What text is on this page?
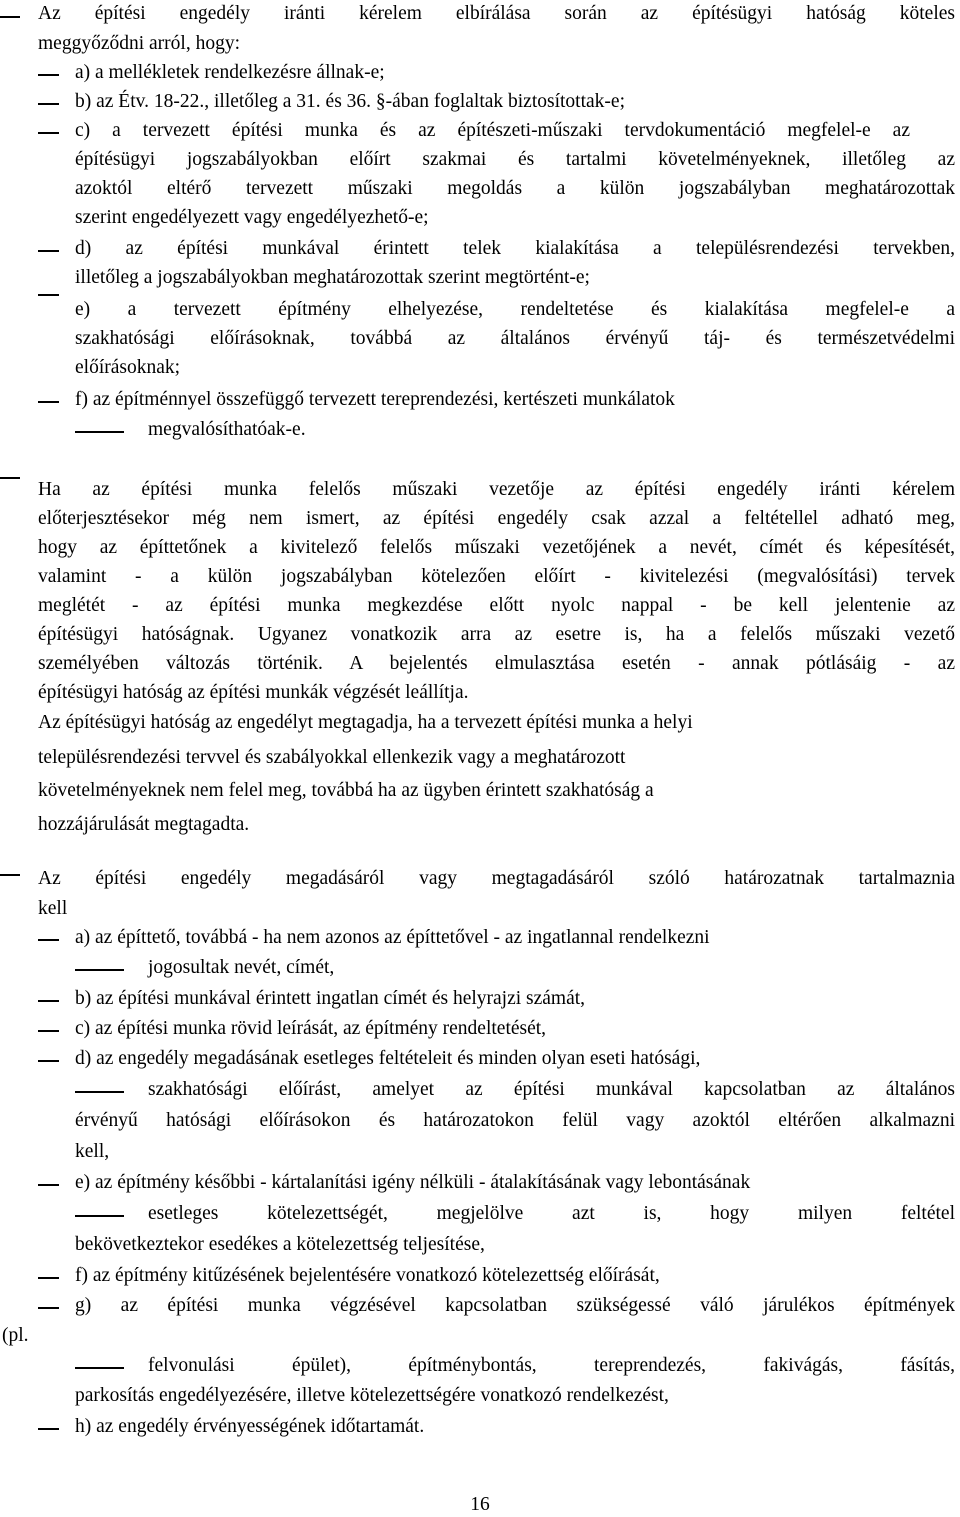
Az építési engedély iránti kérelem elbírálása során az építésügyi hatóság köteles
meggyőződni arról, hogy:
a) a mellékletek rendelkezésre állnak-e;
b) az Étv. 18-22., illetőleg a 31. és 36. §-ában foglaltak biztosítottak-e;
c) a tervezett építési munka és az építészeti-műszaki tervdokumentáció megfelel-e az
építésügyi jogszabályokban előírt szakmai és tartalmi követelményeknek, illetőleg az
azoktól eltérő tervezett műszaki megoldás a külön jogszabályban meghatározottak
szerint engedélyezett vagy engedélyezhető-e;
d) az építési munkával érintett telek kialakítása a településrendezési tervekben,
illetőleg a jogszabályokban meghatározottak szerint megtörtént-e;
e) a tervezett építmény elhelyezése, rendeltetése és kialakítása megfelel-e a
szakhatósági előírásoknak, továbbá az általános érvényű táj- és természetvédelmi
előírásoknak;
f) az építménnyel összefüggő tervezett tereprendezési, kertészeti munkálatok
megvalósíthatóak-e.
Ha az építési munka felelős műszaki vezetője az építési engedély iránti kérelem
előterjesztésekor még nem ismert, az építési engedély csak azzal a feltétellel adható meg,
hogy az építtetőnek a kivitelező felelős műszaki vezetőjének a nevét, címét és képesítését,
valamint - a külön jogszabályban kötelezően előírt - kivitelezési (megvalósítási) tervek
meglétét - az építési munka megkezdése előtt nyolc nappal - be kell jelentenie az
építésügyi hatóságnak. Ugyanez vonatkozik arra az esetre is, ha a felelős műszaki vezető
személyében változás történik. A bejelentés elmulasztása esetén - annak pótlásáig - az
építésügyi hatóság az építési munkák végzését leállítja.
Az építésügyi hatóság az engedélyt megtagadja, ha a tervezett építési munka a helyi
településrendezési tervvel és szabályokkal ellenkezik vagy a meghatározott
követelményeknek nem felel meg, továbbá ha az ügyben érintett szakhatóság a
hozzájárulását megtagadta.
Az építési engedély megadásáról vagy megtagadásáról szóló határozatnak tartalmaznia
kell
a) az építtető, továbbá - ha nem azonos az építtetővel - az ingatlannal rendelkezni
jogosultak nevét, címét,
b) az építési munkával érintett ingatlan címét és helyrajzi számát,
c) az építési munka rövid leírását, az építmény rendeltetését,
d) az engedély megadásának esetleges feltételeit és minden olyan eseti hatósági,
szakhatósági előírást, amelyet az építési munkával kapcsolatban az általános
érvényű hatósági előírásokon és határozatokon felül vagy azoktól eltérően alkalmazni
kell,
e) az építmény későbbi - kártalanítási igény nélküli - átalakításának vagy lebontásának
esetleges kötelezettségét, megjelölve azt is, hogy milyen feltétel
bekövetkeztekor esedékes a kötelezettség teljesítése,
f) az építmény kitűzésének bejelentésére vonatkozó kötelezettség előírását,
g) az építési munka végzésével kapcsolatban szükségessé váló járulékos építmények
(pl.
felvonulási épület), építménybontás, tereprendezés, fakivágás, fásítás,
parkosítás engedélyezésére, illetve kötelezettségére vonatkozó rendelkezést,
h) az engedély érvényességének időtartamát.
16
